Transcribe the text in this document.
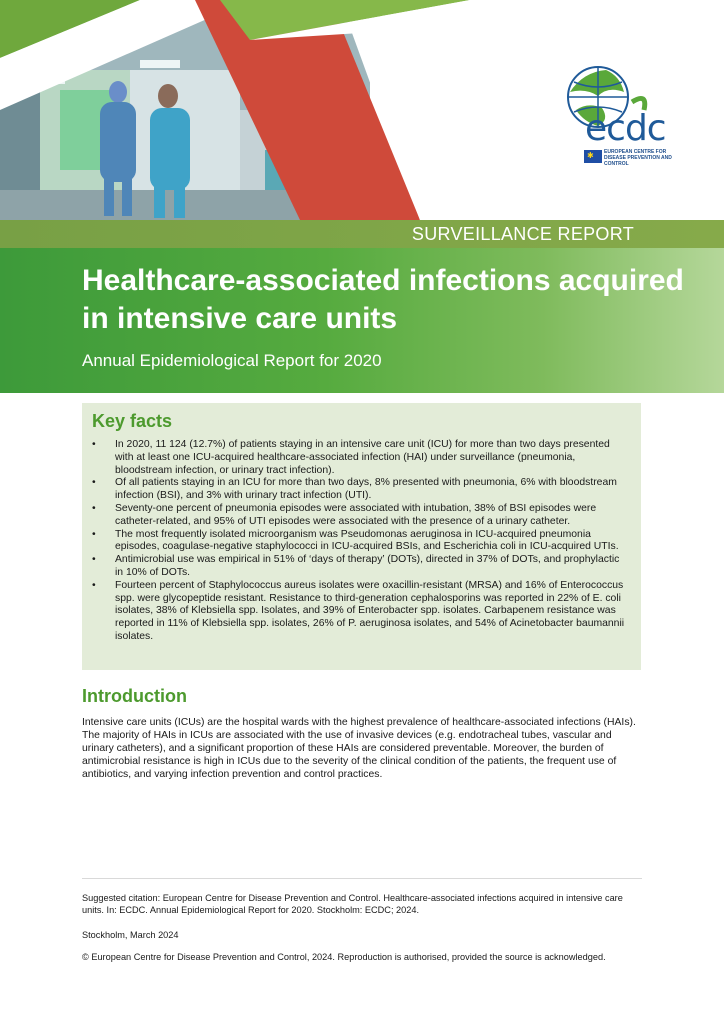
ecdc
✱ EUROPEAN CENTRE FOR DISEASE PREVENTION AND CONTROL
SURVEILLANCE REPORT
Healthcare-associated infections acquired in intensive care units

Annual Epidemiological Report for 2020

Key facts
• In 2020, 11 124 (12.7%) of patients staying in an intensive care unit (ICU) for more than two days presented with at least one ICU-acquired healthcare-associated infection (HAI) under surveillance (pneumonia, bloodstream infection, or urinary tract infection).
• Of all patients staying in an ICU for more than two days, 8% presented with pneumonia, 6% with bloodstream infection (BSI), and 3% with urinary tract infection (UTI).
• Seventy-one percent of pneumonia episodes were associated with intubation, 38% of BSI episodes were catheter-related, and 95% of UTI episodes were associated with the presence of a urinary catheter.
• The most frequently isolated microorganism was Pseudomonas aeruginosa in ICU-acquired pneumonia episodes, coagulase-negative staphylococci in ICU-acquired BSIs, and Escherichia coli in ICU-acquired UTIs.
• Antimicrobial use was empirical in 51% of ‘days of therapy’ (DOTs), directed in 37% of DOTs, and prophylactic in 10% of DOTs.
• Fourteen percent of Staphylococcus aureus isolates were oxacillin-resistant (MRSA) and 16% of Enterococcus spp. were glycopeptide resistant. Resistance to third-generation cephalosporins was reported in 22% of E. coli isolates, 38% of Klebsiella spp. Isolates, and 39% of Enterobacter spp. isolates. Carbapenem resistance was reported in 11% of Klebsiella spp. isolates, 26% of P. aeruginosa isolates, and 54% of Acinetobacter baumannii isolates.
Introduction

Intensive care units (ICUs) are the hospital wards with the highest prevalence of healthcare-associated infections (HAIs). The majority of HAIs in ICUs are associated with the use of invasive devices (e.g. endotracheal tubes, vascular and urinary catheters), and a significant proportion of these HAIs are considered preventable. Moreover, the burden of antimicrobial resistance is high in ICUs due to the severity of the clinical condition of the patients, the frequent use of antibiotics, and varying infection prevention and control practices.

Suggested citation: European Centre for Disease Prevention and Control. Healthcare-associated infections acquired in intensive care units. In: ECDC. Annual Epidemiological Report for 2020. Stockholm: ECDC; 2024.

Stockholm, March 2024

© European Centre for Disease Prevention and Control, 2024. Reproduction is authorised, provided the source is acknowledged.
